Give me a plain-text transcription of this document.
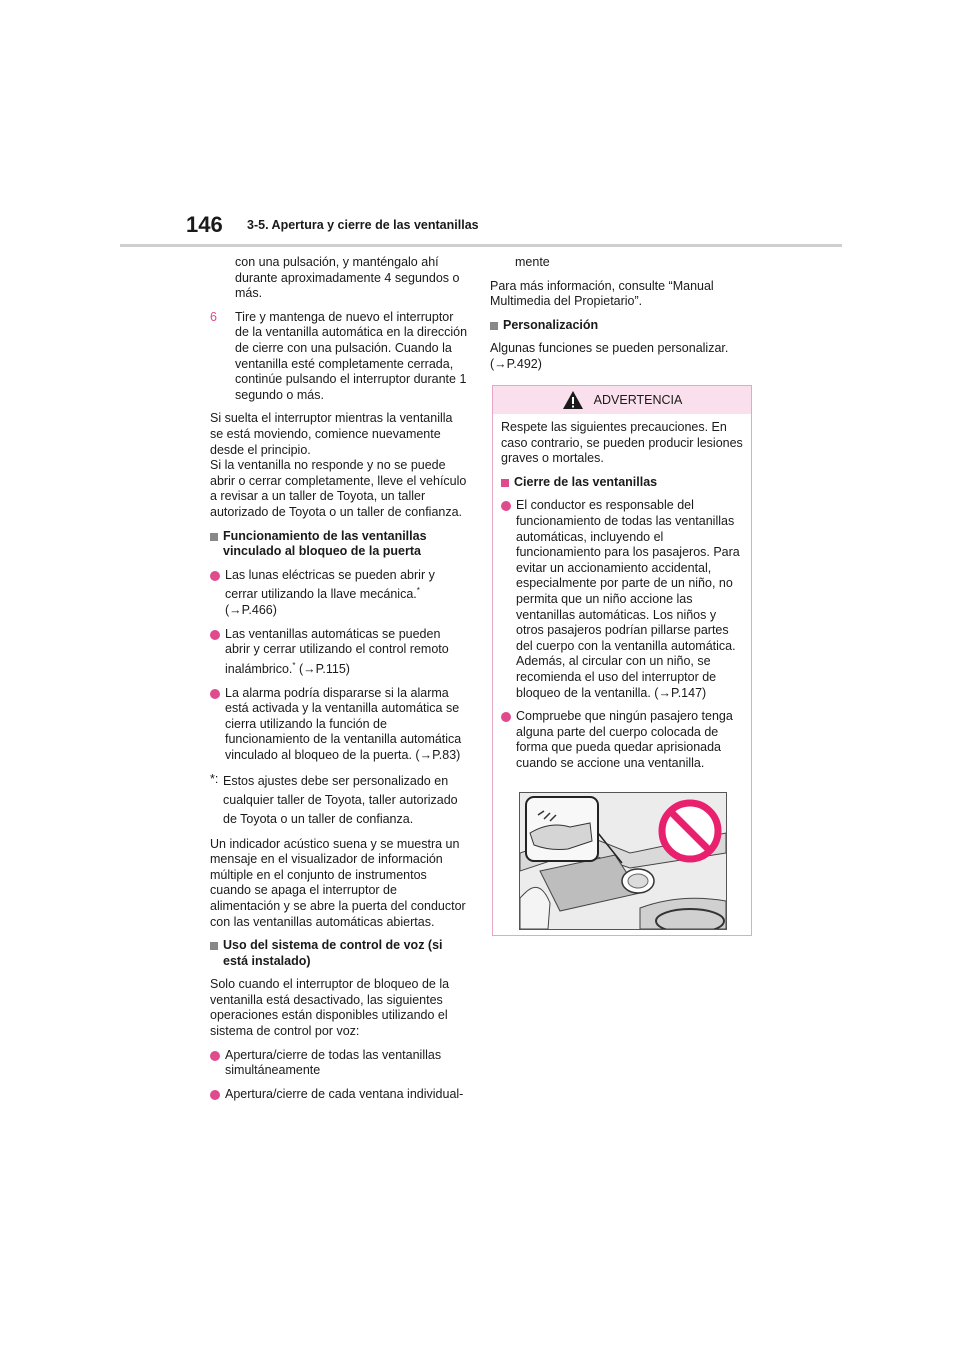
146 3-5. Apertura y cierre de las ventanillas

con una pulsación, y manténgalo ahí durante aproximadamente 4 segundos o más.

6	Tire y mantenga de nuevo el interruptor de la ventanilla automática en la dirección de cierre con una pulsación. Cuando la ventanilla esté completamente cerrada, continúe pulsando el interruptor durante 1 segundo o más.

Si suelta el interruptor mientras la ventanilla se está moviendo, comience nuevamente desde el principio.

Si la ventanilla no responde y no se puede abrir o cerrar completamente, lleve el vehículo a revisar a un taller de Toyota, un taller autorizado de Toyota o un taller de confianza.

Funcionamiento de las ventanillas vinculado al bloqueo de la puerta
Las lunas eléctricas se pueden abrir y cerrar utilizando la llave mecánica.* (→P.466)
Las ventanillas automáticas se pueden abrir y cerrar utilizando el control remoto inalámbrico.* (→P.115)
La alarma podría dispararse si la alarma está activada y la ventanilla automática se cierra utilizando la función de funcionamiento de la ventanilla automática vinculado al bloqueo de la puerta. (→P.83)
*: Estos ajustes debe ser personalizado en cualquier taller de Toyota, taller autorizado de Toyota o un taller de confianza.

Un indicador acústico suena y se muestra un mensaje en el visualizador de información múltiple en el conjunto de instrumentos cuando se apaga el interruptor de alimentación y se abre la puerta del conductor con las ventanillas automáticas abiertas.

Uso del sistema de control de voz (si está instalado)

Solo cuando el interruptor de bloqueo de la ventanilla está desactivado, las siguientes operaciones están disponibles utilizando el sistema de control por voz:

Apertura/cierre de todas las ventanillas simultáneamente
Apertura/cierre de cada ventana individual-

mente

Para más información, consulte “Manual Multimedia del Propietario”.

Personalización

Algunas funciones se pueden personalizar. (→P.492)

ADVERTENCIA

Respete las siguientes precauciones. En caso contrario, se pueden producir lesiones graves o mortales.

Cierre de las ventanillas
El conductor es responsable del funcionamiento de todas las ventanillas automáticas, incluyendo el funcionamiento para los pasajeros. Para evitar un accionamiento accidental, especialmente por parte de un niño, no permita que un niño accione las ventanillas automáticas. Los niños y otros pasajeros podrían pillarse partes del cuerpo con la ventanilla automática. Además, al circular con un niño, se recomienda el uso del interruptor de bloqueo de la ventanilla. (→P.147)
Compruebe que ningún pasajero tenga alguna parte del cuerpo colocada de forma que pueda quedar aprisionada cuando se accione una ventanilla.
